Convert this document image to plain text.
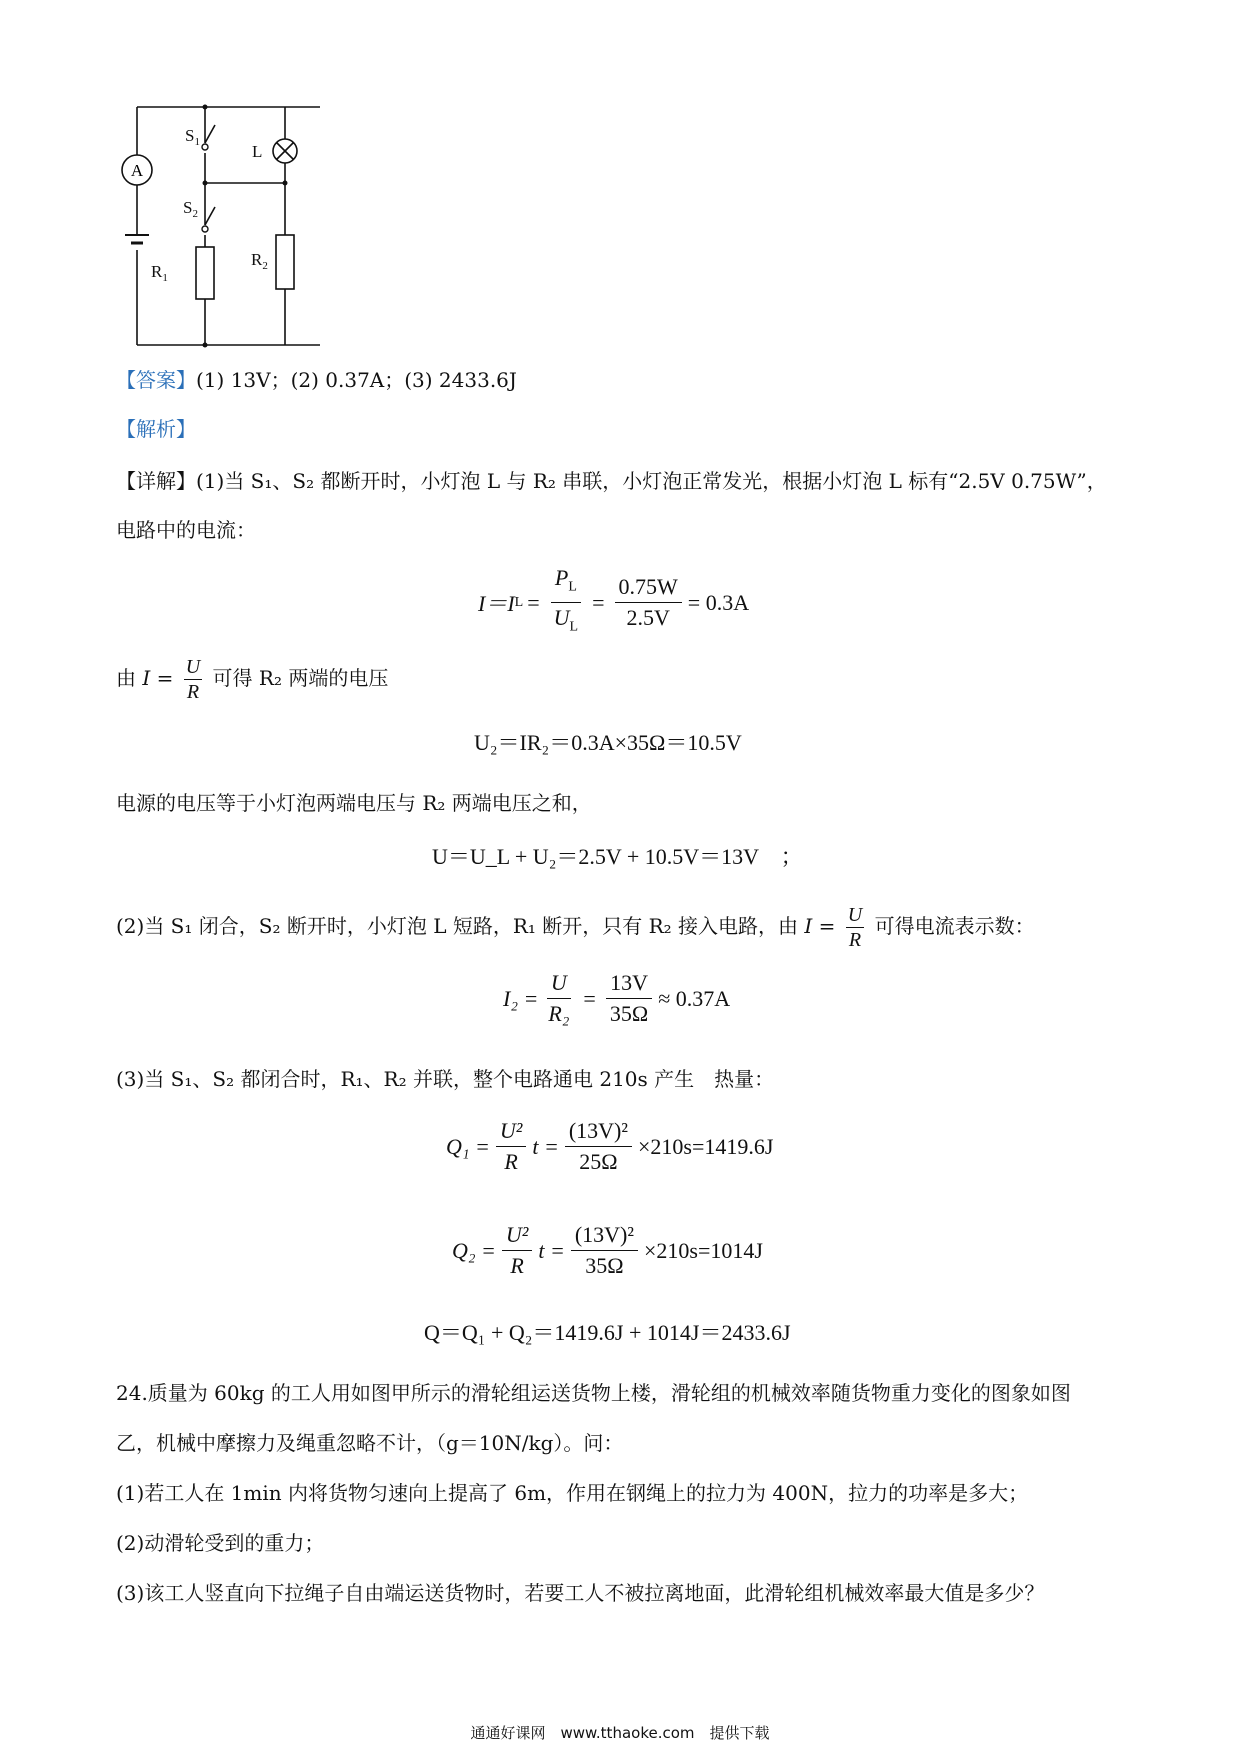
A
$S_1$	L
$S_2$
$R_1$
$R_2$
【答案】(1) 13V；(2) 0.37A；(3) 2433.6J
【解析】
【详解】(1)当 S₁、S₂ 都断开时，小灯泡 L 与 R₂ 串联，小灯泡正常发光，根据小灯泡 L 标有“2.5V 0.75W”，
电路中的电流：
I＝I $L = \frac{P_L}{U_L} = \frac{0.75W}{2.5V} = 0.3A$
由 $I = \frac{U}{R}$ 可得 R₂ 两端的电压
U₂＝IR₂＝0.3A×35Ω＝10.5V
电源的电压等于小灯泡两端电压与 R₂ 两端电压之和，
U＝U_L + U₂＝2.5V + 10.5V＝13V　；
(2)当 S₁ 闭合，S₂ 断开时，小灯泡 L 短路，R₁ 断开，只有 R₂ 接入电路，由 $I = \frac{U}{R}$ 可得电流表示数：
$I_2 = \frac{U}{\text{R₂}} = \frac{13V}{35\Omega} \approx 0.37A$
(3)当 S₁、S₂ 都闭合时，R₁、R₂ 并联，整个电路通电 210s 产生　热量：
$Q_1 = \frac{\text{U²}}{R}$ $t = \frac{\text{(13V)²}}{25\Omega} \times 210s=1419.6J$
$Q_2 = \frac{\text{U²}}{R}$ $t = \frac{\text{(13V)²}}{35\Omega} \times 210s=1014J$
Q＝Q₁ + Q₂＝1419.6J + 1014J＝2433.6J
24.质量为 60kg 的工人用如图甲所示的滑轮组运送货物上楼，滑轮组的机械效率随货物重力变化的图象如图
乙，机械中摩擦力及绳重忽略不计，（g＝10N/kg）。问：
(1)若工人在 1min 内将货物匀速向上提高了 6m，作用在钢绳上的拉力为 400N，拉力的功率是多大；
(2)动滑轮受到的重力；
(3)该工人竖直向下拉绳子自由端运送货物时，若要工人不被拉离地面，此滑轮组机械效率最大值是多少？
通通好课网　www.tthaoke.com　提供下载
